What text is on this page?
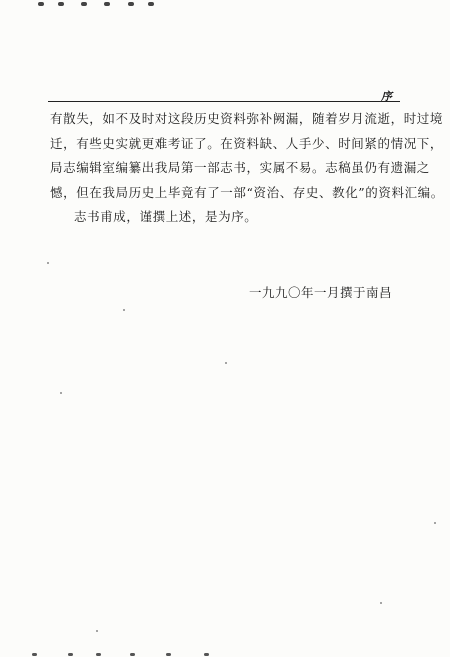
序

有散失，如不及时对这段历史资料弥补阙漏，随着岁月流逝，时过境
迁，有些史实就更难考证了。在资料缺、人手少、时间紧的情况下，
局志编辑室编纂出我局第一部志书，实属不易。志稿虽仍有遗漏之
憾，但在我局历史上毕竟有了一部“资治、存史、教化”的资料汇编。

志书甫成，谨撰上述，是为序。

一九九〇年一月撰于南昌
